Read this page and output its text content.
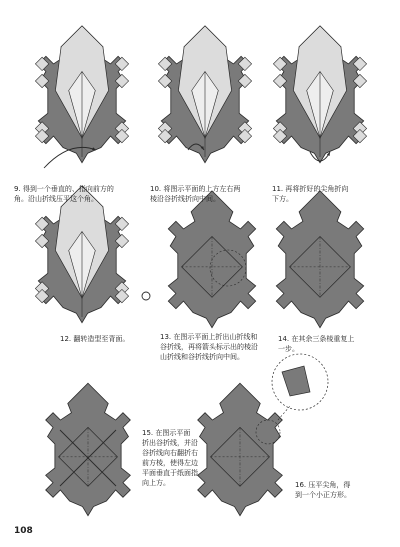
9. 得到一个垂直的、指向前方的
角。沿山折线压平这个角。
10. 将图示平面的上方左右两
棱沿谷折线折向中间。
11. 再将折好的尖角折向
下方。
12. 翻转造型至背面。	13. 在图示平面上折出山折线和
谷折线，再将箭头标示出的棱沿
山折线和谷折线折向中间。
14. 在其余三条棱重复上
一步。
15. 在图示平面
折出谷折线，并沿
谷折线向右翻折右
前方棱，使得左边
平面垂直于纸面指
向上方。	16. 压平尖角，得
到一个小正方形。
108
